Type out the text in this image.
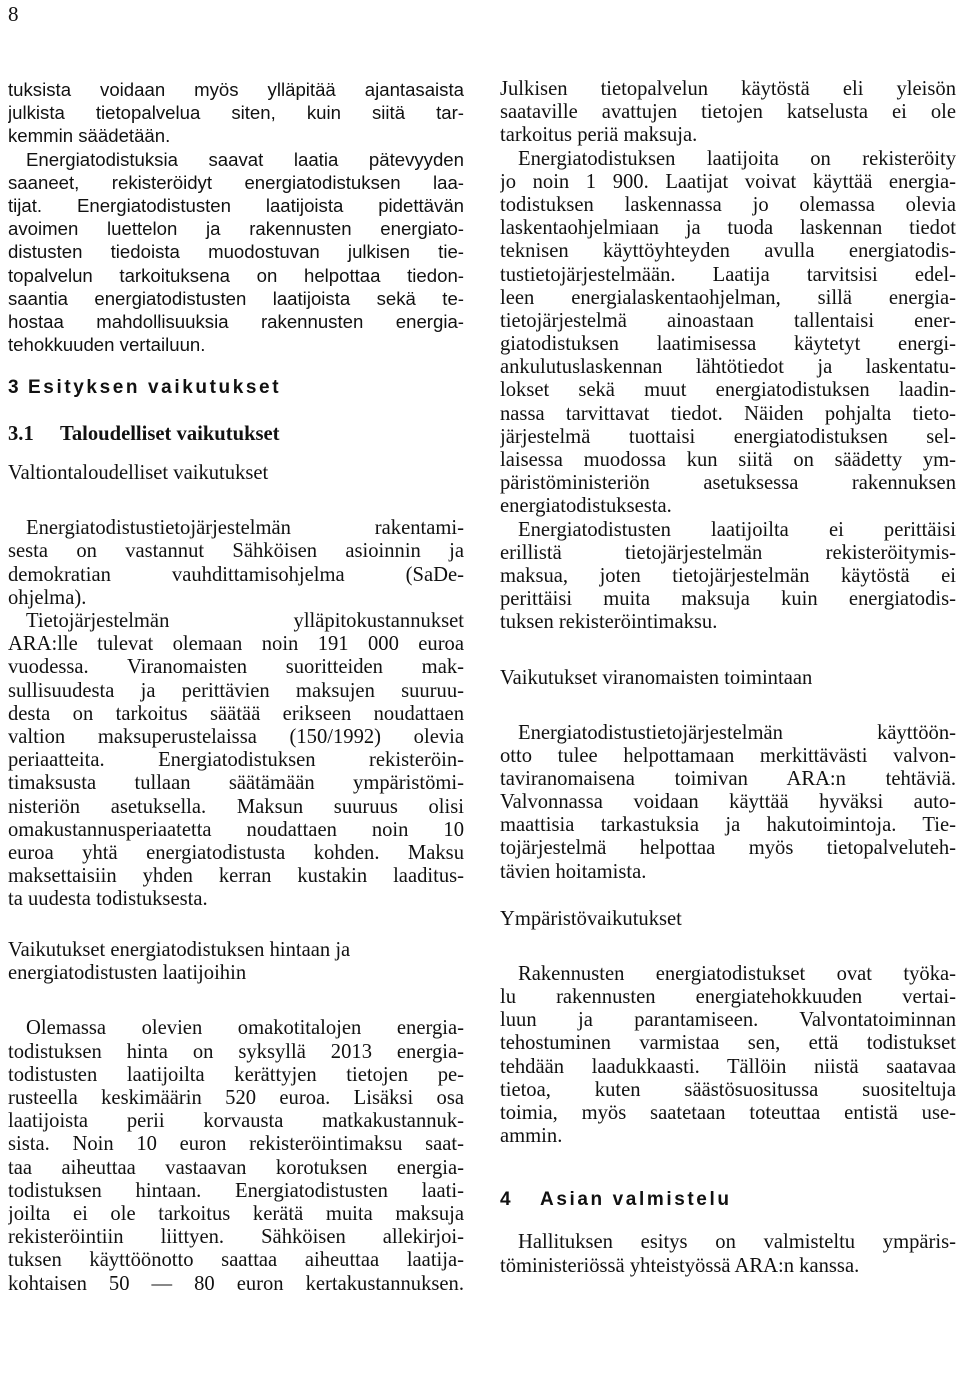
8
tuksista voidaan myös ylläpitää ajantasaista
julkista tietopalvelua siten, kuin siitä tar-
kemmin säädetään.
Energiatodistuksia saavat laatia pätevyyden
saaneet, rekisteröidyt energiatodistuksen laa-
tijat. Energiatodistusten laatijoista pidettävän
avoimen luettelon ja rakennusten energiato-
distusten tiedoista muodostuvan julkisen tie-
topalvelun tarkoituksena on helpottaa tiedon-
saantia energiatodistusten laatijoista sekä te-
hostaa mahdollisuuksia rakennusten energia-
tehokkuuden vertailuun.
3 Esityksen vaikutukset
3.1 Taloudelliset vaikutukset
Valtiontaloudelliset vaikutukset
Energiatodistustietojärjestelmän rakentami-
sesta on vastannut Sähköisen asioinnin ja
demokratian vauhdittamisohjelma (SaDe-
ohjelma).
Tietojärjestelmän ylläpitokustannukset
ARA:lle tulevat olemaan noin 191 000 euroa
vuodessa. Viranomaisten suoritteiden mak-
sullisuudesta ja perittävien maksujen suuruu-
desta on tarkoitus säätää erikseen noudattaen
valtion maksuperustelaissa (150/1992) olevia
periaatteita. Energiatodistuksen rekisteröin-
timaksusta tullaan säätämään ympäristömi-
nisteriön asetuksella. Maksun suuruus olisi
omakustannusperiaatetta noudattaen noin 10
euroa yhtä energiatodistusta kohden. Maksu
maksettaisiin yhden kerran kustakin laaditus-
ta uudesta todistuksesta.
Vaikutukset energiatodistuksen hintaan ja
energiatodistusten laatijoihin
Olemassa olevien omakotitalojen energia-
todistuksen hinta on syksyllä 2013 energia-
todistusten laatijoilta kerättyjen tietojen pe-
rusteella keskimäärin 520 euroa. Lisäksi osa
laatijoista perii korvausta matkakustannuk-
sista. Noin 10 euron rekisteröintimaksu saat-
taa aiheuttaa vastaavan korotuksen energia-
todistuksen hintaan. Energiatodistusten laati-
joilta ei ole tarkoitus kerätä muita maksuja
rekisteröintiin liittyen. Sähköisen allekirjoi-
tuksen käyttöönotto saattaa aiheuttaa laatija-
kohtaisen 50 — 80 euron kertakustannuksen.
Julkisen tietopalvelun käytöstä eli yleisön
saataville avattujen tietojen katselusta ei ole
tarkoitus periä maksuja.
Energiatodistuksen laatijoita on rekisteröity
jo noin 1 900. Laatijat voivat käyttää energia-
todistuksen laskennassa jo olemassa olevia
laskentaohjelmiaan ja tuoda laskennan tiedot
teknisen käyttöyhteyden avulla energiatodis-
tustietojärjestelmään. Laatija tarvitsisi edel-
leen energialaskentaohjelman, sillä energia-
tietojärjestelmä ainoastaan tallentaisi ener-
giatodistuksen laatimisessa käytetyt energi-
ankulutuslaskennan lähtötiedot ja laskentatu-
lokset sekä muut energiatodistuksen laadin-
nassa tarvittavat tiedot. Näiden pohjalta tieto-
järjestelmä tuottaisi energiatodistuksen sel-
laisessa muodossa kun siitä on säädetty ym-
päristöministeriön asetuksessa rakennuksen
energiatodistuksesta.
Energiatodistusten laatijoilta ei perittäisi
erillistä tietojärjestelmän rekisteröitymis-
maksua, joten tietojärjestelmän käytöstä ei
perittäisi muita maksuja kuin energiatodis-
tuksen rekisteröintimaksu.
Vaikutukset viranomaisten toimintaan
Energiatodistustietojärjestelmän käyttöön-
otto tulee helpottamaan merkittävästi valvon-
taviranomaisena toimivan ARA:n tehtäviä.
Valvonnassa voidaan käyttää hyväksi auto-
maattisia tarkastuksia ja hakutoimintoja. Tie-
tojärjestelmä helpottaa myös tietopalveluteh-
tävien hoitamista.
Ympäristövaikutukset
Rakennusten energiatodistukset ovat työka-
lu rakennusten energiatehokkuuden vertai-
luun ja parantamiseen. Valvontatoiminnan
tehostuminen varmistaa sen, että todistukset
tehdään laadukkaasti. Tällöin niistä saatavaa
tietoa, kuten säästösuositussa suositeltuja
toimia, myös saatetaan toteuttaa entistä use-
ammin.
4 Asian valmistelu
Hallituksen esitys on valmisteltu ympäris-
töministeriössä yhteistyössä ARA:n kanssa.
